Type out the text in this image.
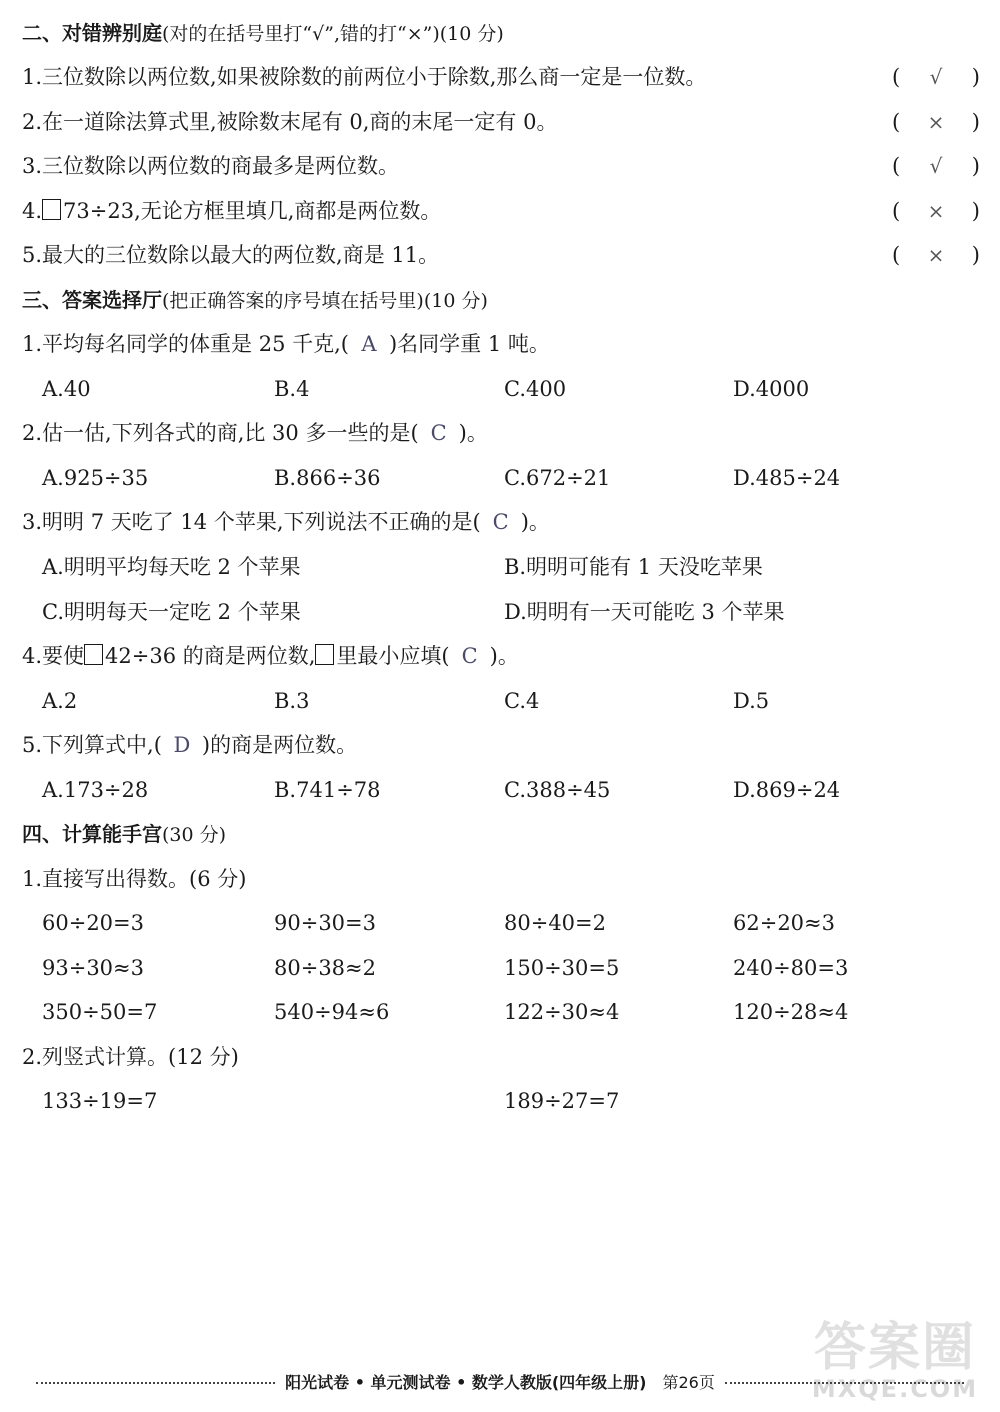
二、对错辨别庭(对的在括号里打“√”,错的打“×”)(10 分)
1.三位数除以两位数,如果被除数的前两位小于除数,那么商一定是一位数。	( √ )
2.在一道除法算式里,被除数末尾有 0,商的末尾一定有 0。	( × )
3.三位数除以两位数的商最多是两位数。	( √ )
4. 73÷23,无论方框里填几,商都是两位数。	( × )
5.最大的三位数除以最大的两位数,商是 11。	( × )
三、答案选择厅(把正确答案的序号填在括号里)(10 分)
1.平均每名同学的体重是 25 千克,( A )名同学重 1 吨。
A.40	B.4	C.400	D.4000
2.估一估,下列各式的商,比 30 多一些的是( C )。
A.925÷35	B.866÷36	C.672÷21	D.485÷24
3.明明 7 天吃了 14 个苹果,下列说法不正确的是( C )。
A.明明平均每天吃 2 个苹果	B.明明可能有 1 天没吃苹果
C.明明每天一定吃 2 个苹果	D.明明有一天可能吃 3 个苹果
4.要使 42÷36 的商是两位数, 里最小应填( C )。
A.2	B.3	C.4	D.5
5.下列算式中,( D )的商是两位数。
A.173÷28	B.741÷78	C.388÷45	D.869÷24
四、计算能手宫(30 分)
1.直接写出得数。(6 分)
60÷20=3	90÷30=3	80÷40=2	62÷20≈3
93÷30≈3	80÷38≈2	150÷30=5	240÷80=3
350÷50=7	540÷94≈6	122÷30≈4	120÷28≈4
2.列竖式计算。(12 分)
133÷19=7	189÷27=7
答案圈
MXQE.COM
阳光试卷 • 单元测试卷 • 数学人教版(四年级上册) 第26页
